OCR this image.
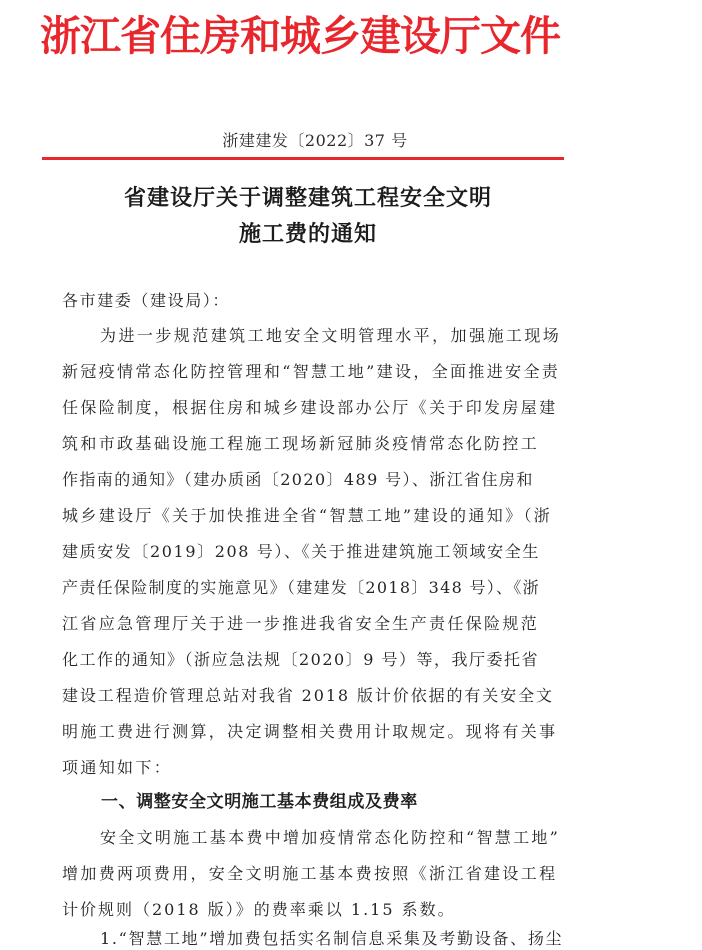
浙江省住房和城乡建设厅文件
浙建建发〔2022〕37 号
省建设厅关于调整建筑工程安全文明
施工费的通知
各市建委（建设局）：
为进一步规范建筑工地安全文明管理水平，加强施工现场
新冠疫情常态化防控管理和“智慧工地”建设，全面推进安全责
任保险制度，根据住房和城乡建设部办公厅《关于印发房屋建
筑和市政基础设施工程施工现场新冠肺炎疫情常态化防控工
作指南的通知》（建办质函〔2020〕489 号）、浙江省住房和
城乡建设厅《关于加快推进全省“智慧工地”建设的通知》（浙
建质安发〔2019〕208 号）、《关于推进建筑施工领域安全生
产责任保险制度的实施意见》（建建发〔2018〕348 号）、《浙
江省应急管理厅关于进一步推进我省安全生产责任保险规范
化工作的通知》（浙应急法规〔2020〕9 号）等，我厅委托省
建设工程造价管理总站对我省 2018 版计价依据的有关安全文
明施工费进行测算，决定调整相关费用计取规定。现将有关事
项通知如下：
一、调整安全文明施工基本费组成及费率
安全文明施工基本费中增加疫情常态化防控和“智慧工地”
增加费两项费用，安全文明施工基本费按照《浙江省建设工程
计价规则（2018 版）》的费率乘以 1.15 系数。
1.“智慧工地”增加费包括实名制信息采集及考勤设备、扬尘
